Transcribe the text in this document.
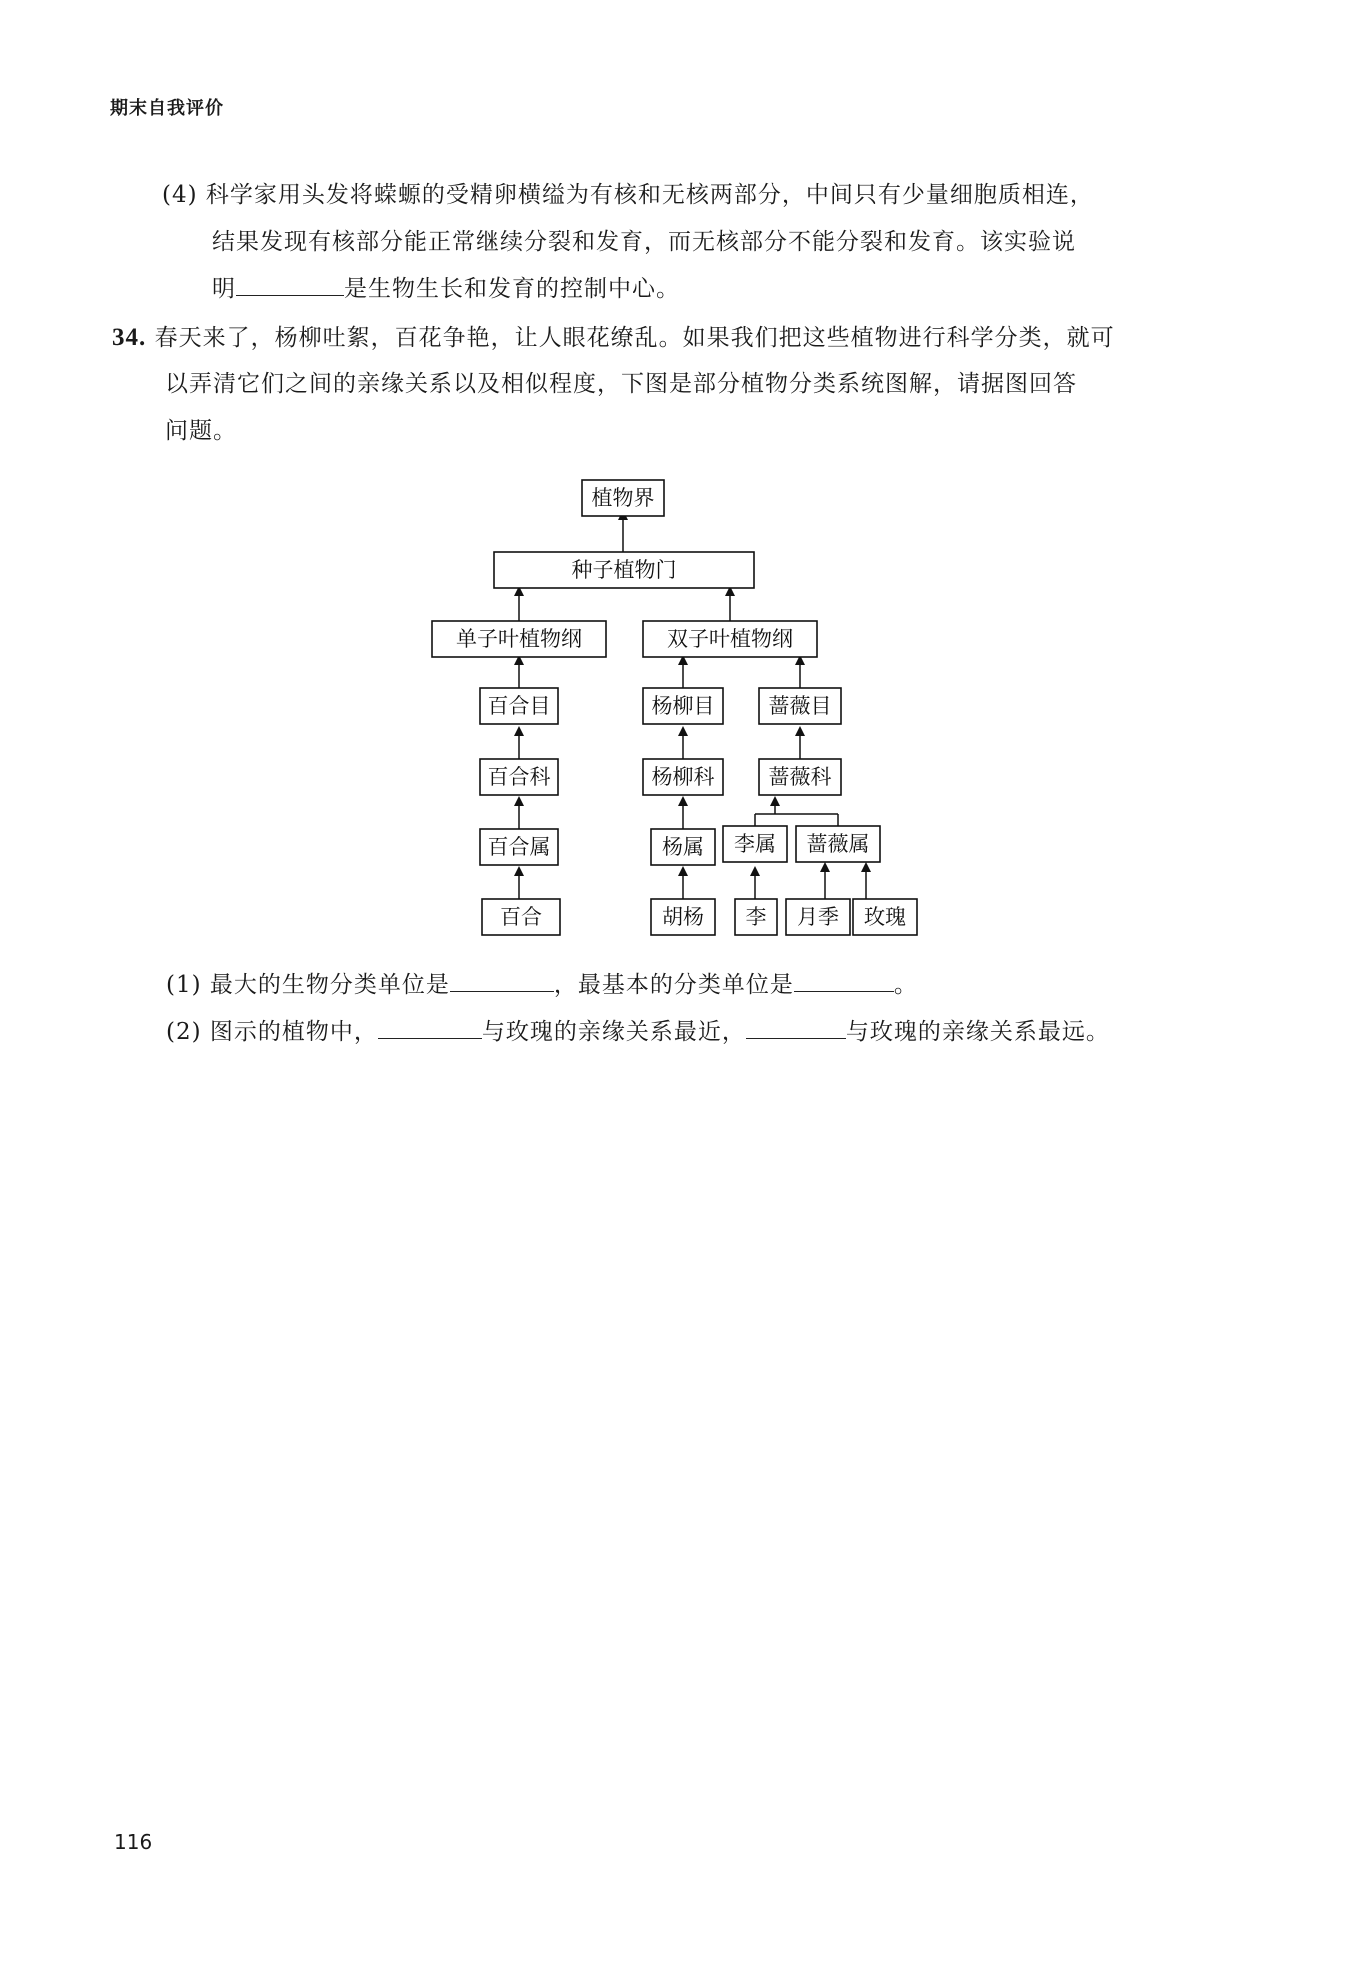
期末自我评价
(4) 科学家用头发将蝾螈的受精卵横缢为有核和无核两部分，中间只有少量细胞质相连，
结果发现有核部分能正常继续分裂和发育，而无核部分不能分裂和发育。该实验说
明	是生物生长和发育的控制中心。
34. 春天来了，杨柳吐絮，百花争艳，让人眼花缭乱。如果我们把这些植物进行科学分类，就可
以弄清它们之间的亲缘关系以及相似程度，下图是部分植物分类系统图解，请据图回答
问题。
植物界
种子植物门
单子叶植物纲	双子叶植物纲
百合目
百合科
百合属
百合
杨柳目
杨柳科
杨属
胡杨
蔷薇目
蔷薇科
李属
李
蔷薇属
月季 玫瑰
(1) 最大的生物分类单位是	，最基本的分类单位是	。
(2) 图示的植物中，	与玫瑰的亲缘关系最近，	与玫瑰的亲缘关系最远。
116
